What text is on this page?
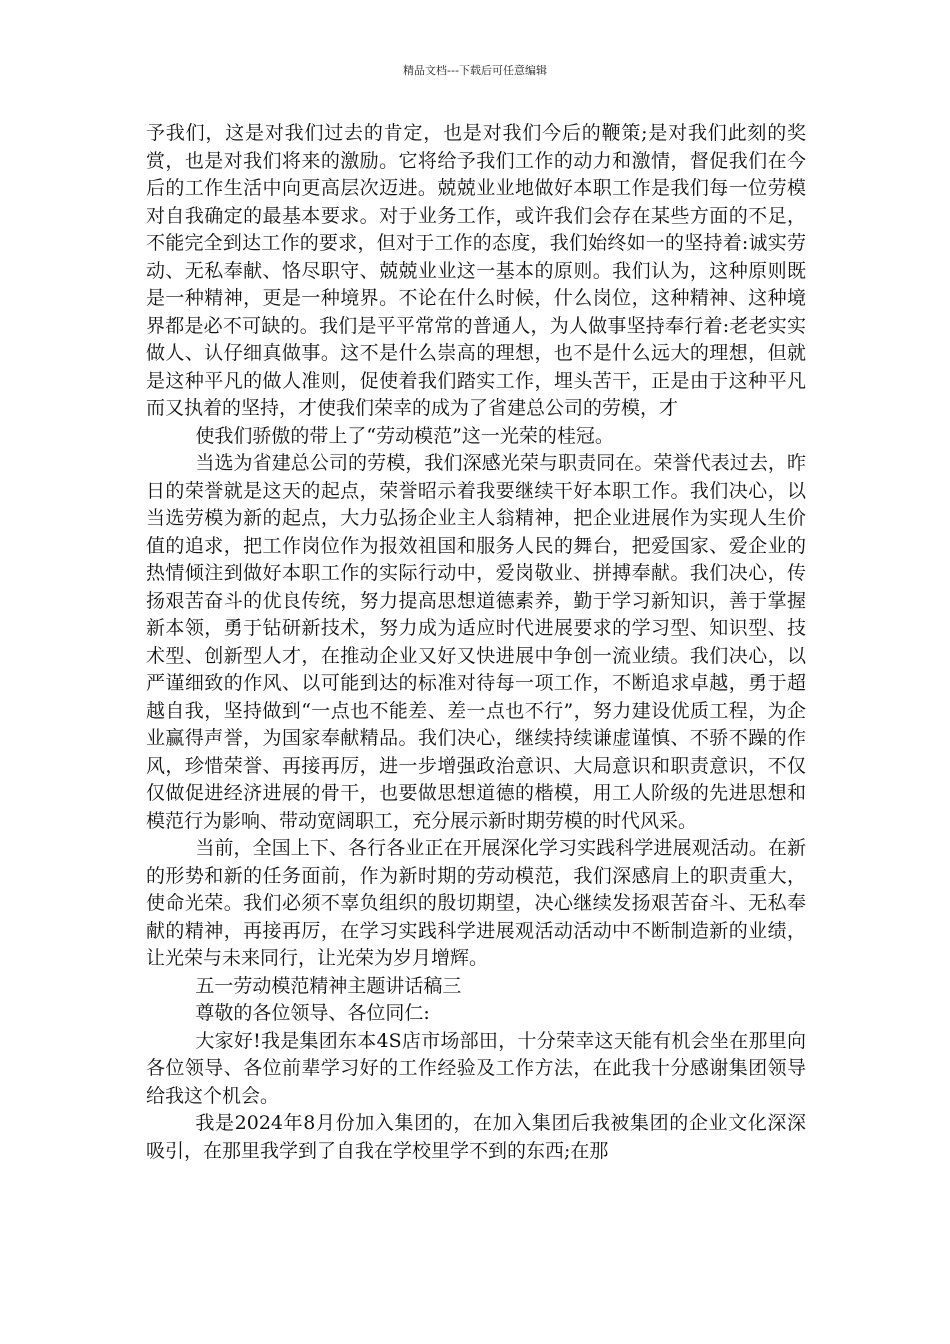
精品文档---下载后可任意编辑

予我们，这是对我们过去的肯定，也是对我们今后的鞭策;是对我们此刻的奖赏，也是对我们将来的激励。它将给予我们工作的动力和激情，督促我们在今后的工作生活中向更高层次迈进。兢兢业业地做好本职工作是我们每一位劳模对自我确定的最基本要求。对于业务工作，或许我们会存在某些方面的不足，不能完全到达工作的要求，但对于工作的态度，我们始终如一的坚持着:诚实劳动、无私奉献、恪尽职守、兢兢业业这一基本的原则。我们认为，这种原则既是一种精神，更是一种境界。不论在什么时候，什么岗位，这种精神、这种境界都是必不可缺的。我们是平平常常的普通人，为人做事坚持奉行着:老老实实做人、认仔细真做事。这不是什么崇高的理想，也不是什么远大的理想，但就是这种平凡的做人准则，促使着我们踏实工作，埋头苦干，正是由于这种平凡而又执着的坚持，才使我们荣幸的成为了省建总公司的劳模，才

使我们骄傲的带上了“劳动模范”这一光荣的桂冠。

当选为省建总公司的劳模，我们深感光荣与职责同在。荣誉代表过去，昨日的荣誉就是这天的起点，荣誉昭示着我要继续干好本职工作。我们决心，以当选劳模为新的起点，大力弘扬企业主人翁精神，把企业进展作为实现人生价值的追求，把工作岗位作为报效祖国和服务人民的舞台，把爱国家、爱企业的热情倾注到做好本职工作的实际行动中，爱岗敬业、拼搏奉献。我们决心，传扬艰苦奋斗的优良传统，努力提高思想道德素养，勤于学习新知识，善于掌握新本领，勇于钻研新技术，努力成为适应时代进展要求的学习型、知识型、技术型、创新型人才，在推动企业又好又快进展中争创一流业绩。我们决心，以严谨细致的作风、以可能到达的标准对待每一项工作，不断追求卓越，勇于超越自我，坚持做到“一点也不能差、差一点也不行”，努力建设优质工程，为企业赢得声誉，为国家奉献精品。我们决心，继续持续谦虚谨慎、不骄不躁的作风，珍惜荣誉、再接再厉，进一步增强政治意识、大局意识和职责意识，不仅仅做促进经济进展的骨干，也要做思想道德的楷模，用工人阶级的先进思想和模范行为影响、带动宽阔职工，充分展示新时期劳模的时代风采。

当前，全国上下、各行各业正在开展深化学习实践科学进展观活动。在新的形势和新的任务面前，作为新时期的劳动模范，我们深感肩上的职责重大，使命光荣。我们必须不辜负组织的殷切期望，决心继续发扬艰苦奋斗、无私奉献的精神，再接再厉，在学习实践科学进展观活动活动中不断制造新的业绩，让光荣与未来同行，让光荣为岁月增辉。

五一劳动模范精神主题讲话稿三

尊敬的各位领导、各位同仁:

大家好!我是集团东本4S店市场部田，十分荣幸这天能有机会坐在那里向各位领导、各位前辈学习好的工作经验及工作方法，在此我十分感谢集团领导给我这个机会。

我是2024年8月份加入集团的，在加入集团后我被集团的企业文化深深吸引，在那里我学到了自我在学校里学不到的东西;在那
